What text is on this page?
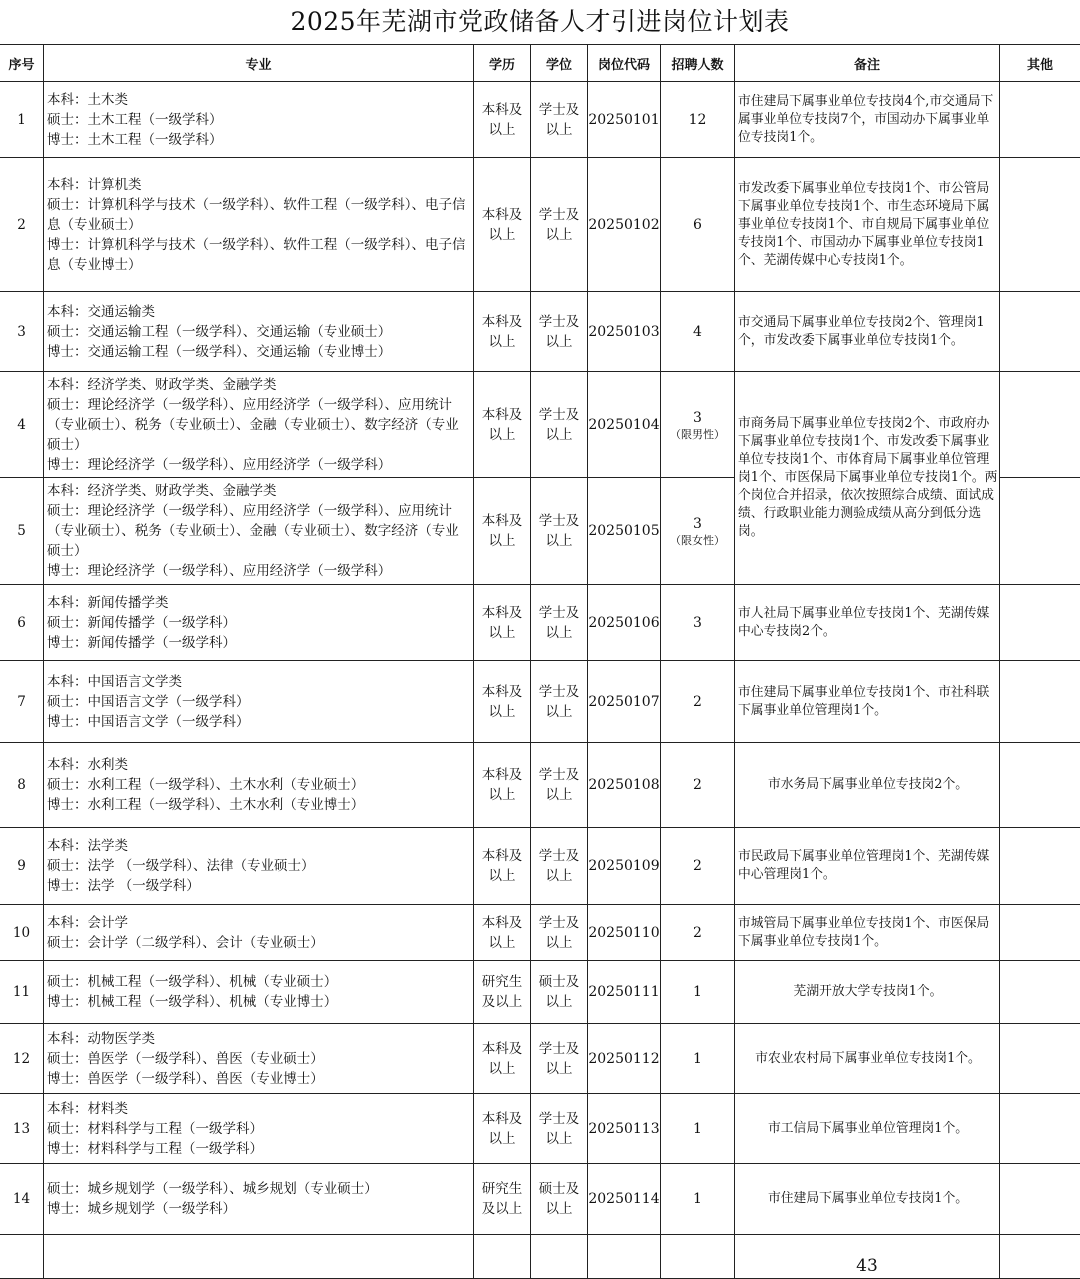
2025年芜湖市党政储备人才引进岗位计划表
序号	专业	学历	学位	岗位代码	招聘人数	备注	其他
1	本科：土木类
硕士：土木工程（一级学科）
博士：土木工程（一级学科）	本科及
以上	学士及
以上	20250101	12	市住建局下属事业单位专技岗4个,市交通局下属事业单位专技岗7个，市国动办下属事业单位专技岗1个。	
2	本科：计算机类
硕士：计算机科学与技术（一级学科）、软件工程（一级学科）、电子信息（专业硕士）
博士：计算机科学与技术（一级学科）、软件工程（一级学科）、电子信息（专业博士）	本科及
以上	学士及
以上	20250102	6	市发改委下属事业单位专技岗1个、市公管局下属事业单位专技岗1个、市生态环境局下属事业单位专技岗1个、市自规局下属事业单位专技岗1个、市国动办下属事业单位专技岗1个、芜湖传媒中心专技岗1个。	
3	本科：交通运输类
硕士：交通运输工程（一级学科）、交通运输（专业硕士）
博士：交通运输工程（一级学科）、交通运输（专业博士）	本科及
以上	学士及
以上	20250103	4	市交通局下属事业单位专技岗2个、管理岗1个，市发改委下属事业单位专技岗1个。	
4	本科：经济学类、财政学类、金融学类
硕士：理论经济学（一级学科）、应用经济学（一级学科）、应用统计（专业硕士）、税务（专业硕士）、金融（专业硕士）、数字经济（专业硕士）
博士：理论经济学（一级学科）、应用经济学（一级学科）	本科及
以上	学士及
以上	20250104	3
（限男性）	市商务局下属事业单位专技岗2个、市政府办下属事业单位专技岗1个、市发改委下属事业单位专技岗1个、市体育局下属事业单位管理岗1个、市医保局下属事业单位专技岗1个。两个岗位合并招录，依次按照综合成绩、面试成绩、行政职业能力测验成绩从高分到低分选岗。	
5	本科：经济学类、财政学类、金融学类
硕士：理论经济学（一级学科）、应用经济学（一级学科）、应用统计（专业硕士）、税务（专业硕士）、金融（专业硕士）、数字经济（专业硕士）
博士：理论经济学（一级学科）、应用经济学（一级学科）	本科及
以上	学士及
以上	20250105	3
（限女性）		

6	本科：新闻传播学类
硕士：新闻传播学（一级学科）
博士：新闻传播学（一级学科）	本科及
以上	学士及
以上	20250106	3	市人社局下属事业单位专技岗1个、芜湖传媒中心专技岗2个。	
7	本科：中国语言文学类
硕士：中国语言文学（一级学科）
博士：中国语言文学（一级学科）	本科及
以上	学士及
以上	20250107	2	市住建局下属事业单位专技岗1个、市社科联下属事业单位管理岗1个。	
8	本科：水利类
硕士：水利工程（一级学科）、土木水利（专业硕士）
博士：水利工程（一级学科）、土木水利（专业博士）	本科及
以上	学士及
以上	20250108	2	市水务局下属事业单位专技岗2个。	
9	本科：法学类
硕士：法学 （一级学科）、法律（专业硕士）
博士：法学 （一级学科）	本科及
以上	学士及
以上	20250109	2	市民政局下属事业单位管理岗1个、芜湖传媒中心管理岗1个。	
10	本科：会计学
硕士：会计学（二级学科）、会计（专业硕士）	本科及
以上	学士及
以上	20250110	2	市城管局下属事业单位专技岗1个、市医保局下属事业单位专技岗1个。	
11	硕士：机械工程（一级学科）、机械（专业硕士）
博士：机械工程（一级学科）、机械（专业博士）	研究生
及以上	硕士及
以上	20250111	1	芜湖开放大学专技岗1个。	
12	本科：动物医学类
硕士：兽医学（一级学科）、兽医（专业硕士）
博士：兽医学（一级学科）、兽医（专业博士）	本科及
以上	学士及
以上	20250112	1	市农业农村局下属事业单位专技岗1个。	
13	本科：材料类
硕士：材料科学与工程（一级学科）
博士：材料科学与工程（一级学科）	本科及
以上	学士及
以上	20250113	1	市工信局下属事业单位管理岗1个。	
14	硕士：城乡规划学（一级学科）、城乡规划（专业硕士）
博士：城乡规划学（一级学科）	研究生
及以上	硕士及
以上	20250114	1	市住建局下属事业单位专技岗1个。	
						43	
